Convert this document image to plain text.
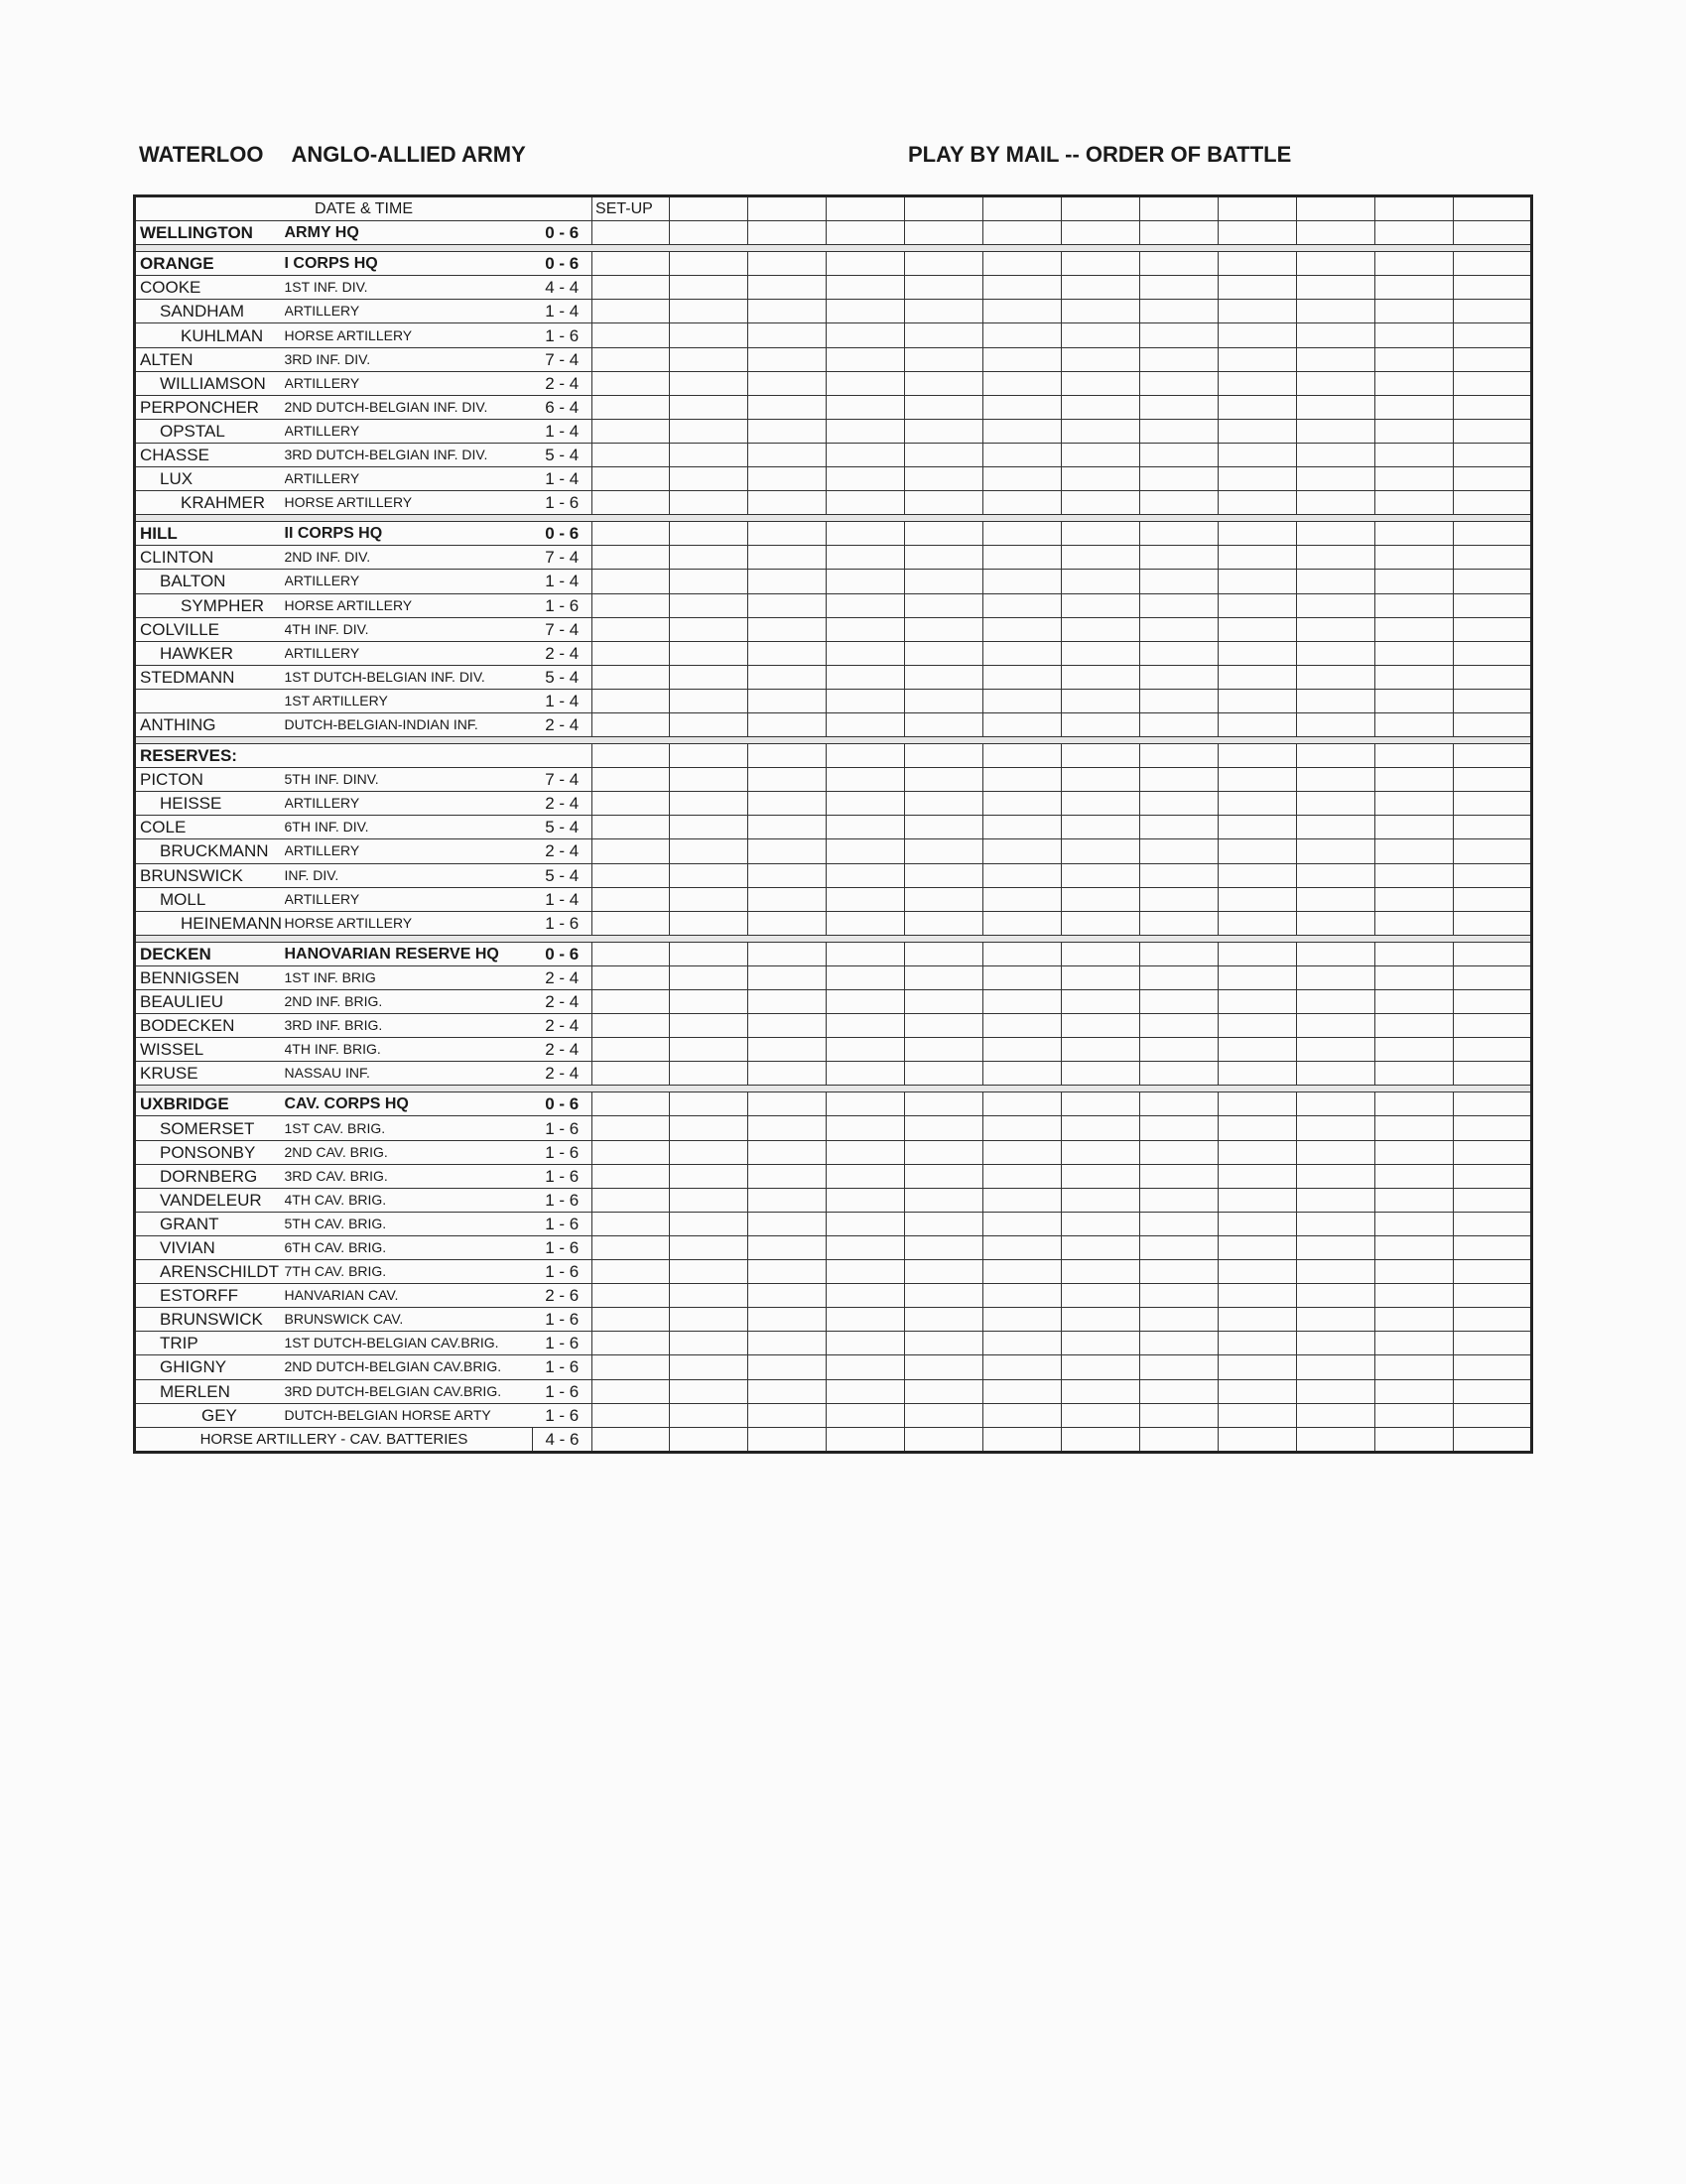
WATERLOO ANGLO-ALLIED ARMY	PLAY BY MAIL -- ORDER OF BATTLE
DATE & TIME			SET-UP											
WELLINGTON	ARMY HQ	0 - 6												

ORANGE	I CORPS HQ	0 - 6												
COOKE	1ST INF. DIV.	4 - 4												
SANDHAM	ARTILLERY	1 - 4												
KUHLMAN	HORSE ARTILLERY	1 - 6												
ALTEN	3RD INF. DIV.	7 - 4												
WILLIAMSON	ARTILLERY	2 - 4												
PERPONCHER	2ND DUTCH-BELGIAN INF. DIV.	6 - 4												
OPSTAL	ARTILLERY	1 - 4												
CHASSE	3RD DUTCH-BELGIAN INF. DIV.	5 - 4												
LUX	ARTILLERY	1 - 4												
KRAHMER	HORSE ARTILLERY	1 - 6												

HILL	II CORPS HQ	0 - 6												
CLINTON	2ND INF. DIV.	7 - 4												
BALTON	ARTILLERY	1 - 4												
SYMPHER	HORSE ARTILLERY	1 - 6												
COLVILLE	4TH INF. DIV.	7 - 4												
HAWKER	ARTILLERY	2 - 4												
STEDMANN	1ST DUTCH-BELGIAN INF. DIV.	5 - 4												
	1ST ARTILLERY	1 - 4												
ANTHING	DUTCH-BELGIAN-INDIAN INF.	2 - 4												

RESERVES:														
PICTON	5TH INF. DINV.	7 - 4												
HEISSE	ARTILLERY	2 - 4												
COLE	6TH INF. DIV.	5 - 4												
BRUCKMANN	ARTILLERY	2 - 4												
BRUNSWICK	INF. DIV.	5 - 4												
MOLL	ARTILLERY	1 - 4												
HEINEMANN	HORSE ARTILLERY	1 - 6												

DECKEN	HANOVARIAN RESERVE HQ	0 - 6												
BENNIGSEN	1ST INF. BRIG	2 - 4												
BEAULIEU	2ND INF. BRIG.	2 - 4												
BODECKEN	3RD INF. BRIG.	2 - 4												
WISSEL	4TH INF. BRIG.	2 - 4												
KRUSE	NASSAU INF.	2 - 4												

UXBRIDGE	CAV. CORPS HQ	0 - 6												
SOMERSET	1ST CAV. BRIG.	1 - 6												
PONSONBY	2ND CAV. BRIG.	1 - 6												
DORNBERG	3RD CAV. BRIG.	1 - 6												
VANDELEUR	4TH CAV. BRIG.	1 - 6												
GRANT	5TH CAV. BRIG.	1 - 6												
VIVIAN	6TH CAV. BRIG.	1 - 6												
ARENSCHILDT	7TH CAV. BRIG.	1 - 6												
ESTORFF	HANVARIAN CAV.	2 - 6												
BRUNSWICK	BRUNSWICK CAV.	1 - 6												
TRIP	1ST DUTCH-BELGIAN CAV.BRIG.	1 - 6												
GHIGNY	2ND DUTCH-BELGIAN CAV.BRIG.	1 - 6												
MERLEN	3RD DUTCH-BELGIAN CAV.BRIG.	1 - 6												
GEY	DUTCH-BELGIAN HORSE ARTY	1 - 6												
HORSE ARTILLERY - CAV. BATTERIES		4 - 6												
